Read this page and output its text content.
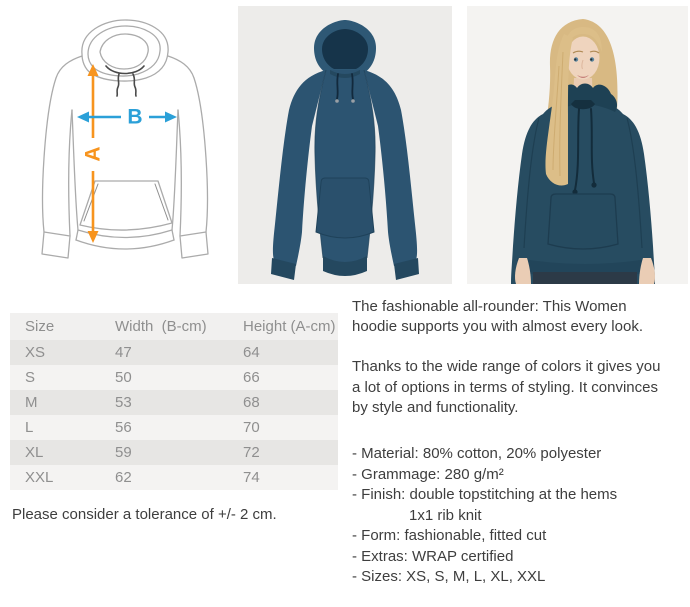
A
B
Size	Width  (B-cm)	Height (A-cm)
XS	47	64
S	50	66
M	53	68
L	56	70
XL	59	72
XXL	62	74
Please consider a tolerance of +/- 2 cm.

The fashionable all-rounder: This Women
hoodie supports you with almost every look.

Thanks to the wide range of colors it gives you
a lot of options in terms of styling. It convinces
by style and functionality.

- Material: 80% cotton, 20% polyester
- Grammage: 280 g/m²
- Finish: double topstitching at the hems
1x1 rib knit
- Form: fashionable, fitted cut
- Extras: WRAP certified
- Sizes: XS, S, M, L, XL, XXL
